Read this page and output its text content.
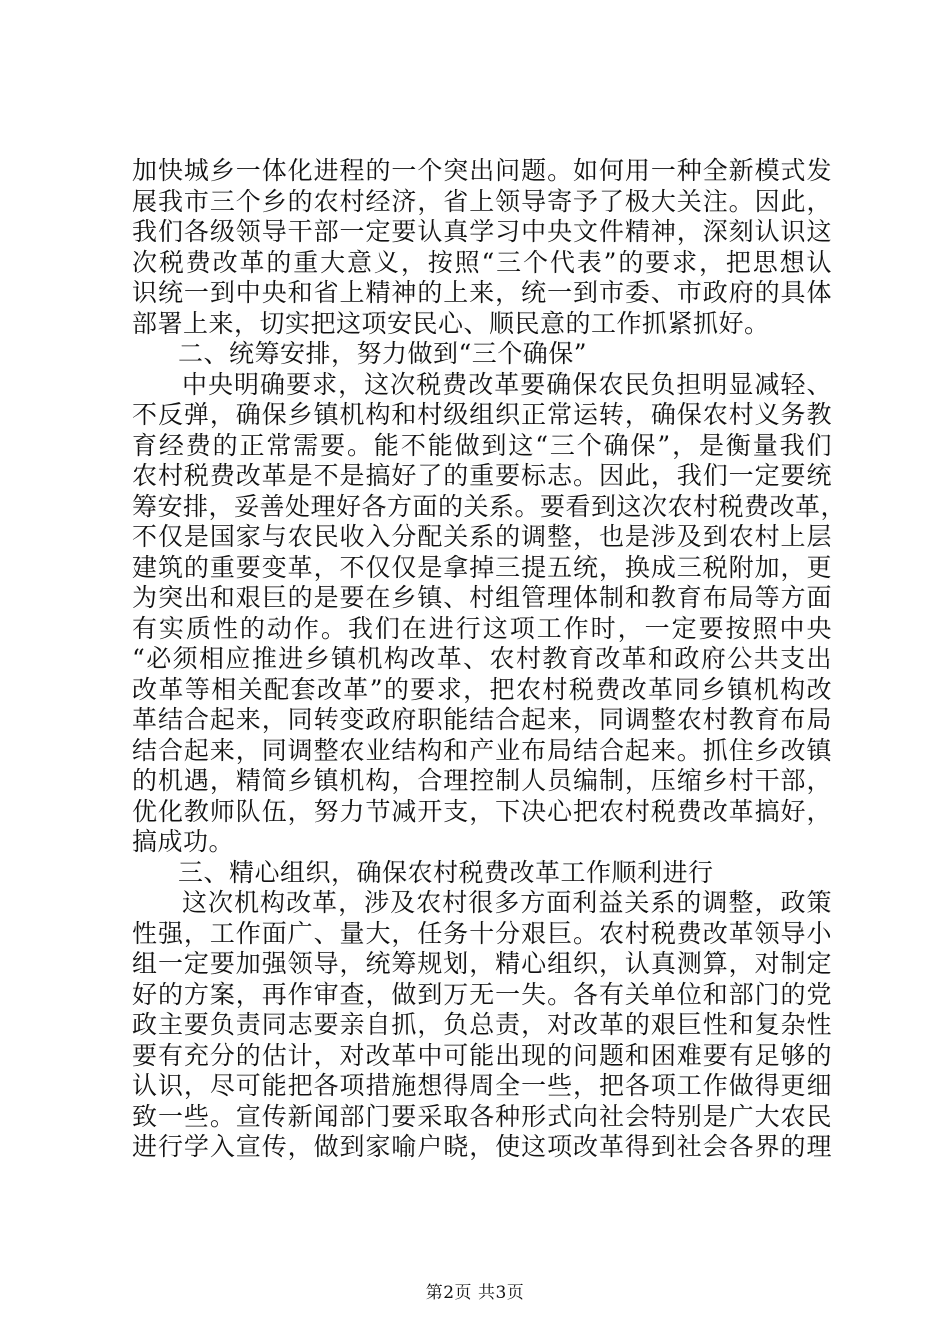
加快城乡一体化进程的一个突出问题。如何用一种全新模式发
展我市三个乡的农村经济，省上领导寄予了极大关注。因此，
我们各级领导干部一定要认真学习中央文件精神，深刻认识这
次税费改革的重大意义，按照“三个代表”的要求，把思想认
识统一到中央和省上精神的上来，统一到市委、市政府的具体
部署上来，切实把这项安民心、顺民意的工作抓紧抓好。
二、统筹安排，努力做到“三个确保”
中央明确要求，这次税费改革要确保农民负担明显减轻、
不反弹，确保乡镇机构和村级组织正常运转，确保农村义务教
育经费的正常需要。能不能做到这“三个确保”，是衡量我们
农村税费改革是不是搞好了的重要标志。因此，我们一定要统
筹安排，妥善处理好各方面的关系。要看到这次农村税费改革，
不仅是国家与农民收入分配关系的调整，也是涉及到农村上层
建筑的重要变革，不仅仅是拿掉三提五统，换成三税附加，更
为突出和艰巨的是要在乡镇、村组管理体制和教育布局等方面
有实质性的动作。我们在进行这项工作时，一定要按照中央
“必须相应推进乡镇机构改革、农村教育改革和政府公共支出
改革等相关配套改革”的要求，把农村税费改革同乡镇机构改
革结合起来，同转变政府职能结合起来，同调整农村教育布局
结合起来，同调整农业结构和产业布局结合起来。抓住乡改镇
的机遇，精简乡镇机构，合理控制人员编制，压缩乡村干部，
优化教师队伍，努力节减开支，下决心把农村税费改革搞好，
搞成功。
三、精心组织，确保农村税费改革工作顺利进行
这次机构改革，涉及农村很多方面利益关系的调整，政策
性强，工作面广、量大，任务十分艰巨。农村税费改革领导小
组一定要加强领导，统筹规划，精心组织，认真测算，对制定
好的方案，再作审查，做到万无一失。各有关单位和部门的党
政主要负责同志要亲自抓，负总责，对改革的艰巨性和复杂性
要有充分的估计，对改革中可能出现的问题和困难要有足够的
认识，尽可能把各项措施想得周全一些，把各项工作做得更细
致一些。宣传新闻部门要采取各种形式向社会特别是广大农民
进行学入宣传，做到家喻户晓，使这项改革得到社会各界的理
第2页 共3页
